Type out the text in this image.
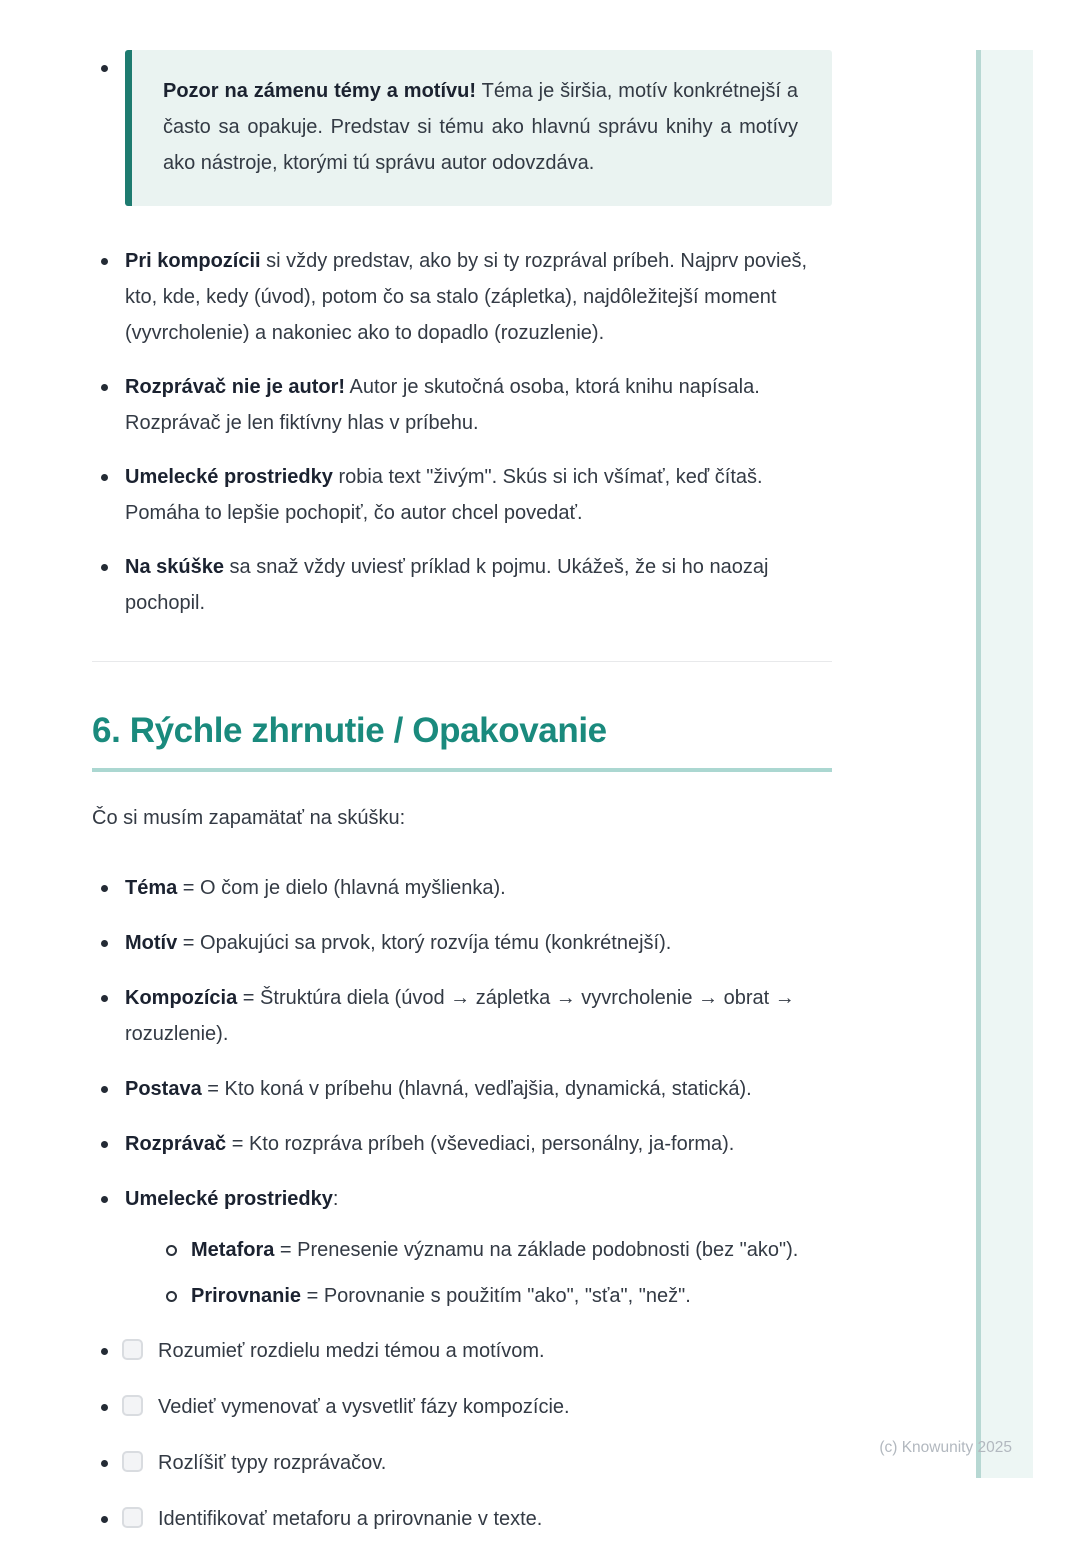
Pozor na zámenu témy a motívu! Téma je širšia, motív konkrétnejší a často sa opakuje. Predstav si tému ako hlavnú správu knihy a motívy ako nástroje, ktorými tú správu autor odovzdáva.

Pri kompozícii si vždy predstav, ako by si ty rozprával príbeh. Najprv povieš, kto, kde, kedy (úvod), potom čo sa stalo (zápletka), najdôležitejší moment (vyvrcholenie) a nakoniec ako to dopadlo (rozuzlenie).

Rozprávač nie je autor! Autor je skutočná osoba, ktorá knihu napísala. Rozprávač je len fiktívny hlas v príbehu.

Umelecké prostriedky robia text "živým". Skús si ich všímať, keď čítaš. Pomáha to lepšie pochopiť, čo autor chcel povedať.

Na skúške sa snaž vždy uviesť príklad k pojmu. Ukážeš, že si ho naozaj pochopil.

6. Rýchle zhrnutie / Opakovanie

Čo si musím zapamätať na skúšku:

Téma = O čom je dielo (hlavná myšlienka).

Motív = Opakujúci sa prvok, ktorý rozvíja tému (konkrétnejší).

Kompozícia = Štruktúra diela (úvod → zápletka → vyvrcholenie → obrat → rozuzlenie).

Postava = Kto koná v príbehu (hlavná, vedľajšia, dynamická, statická).

Rozprávač = Kto rozpráva príbeh (vševediaci, personálny, ja-forma).

Umelecké prostriedky:

Metafora = Prenesenie významu na základe podobnosti (bez "ako").

Prirovnanie = Porovnanie s použitím "ako", "sťa", "než".

Rozumieť rozdielu medzi témou a motívom.

Vedieť vymenovať a vysvetliť fázy kompozície.

Rozlíšiť typy rozprávačov.

Identifikovať metaforu a prirovnanie v texte.

(c) Knowunity 2025
